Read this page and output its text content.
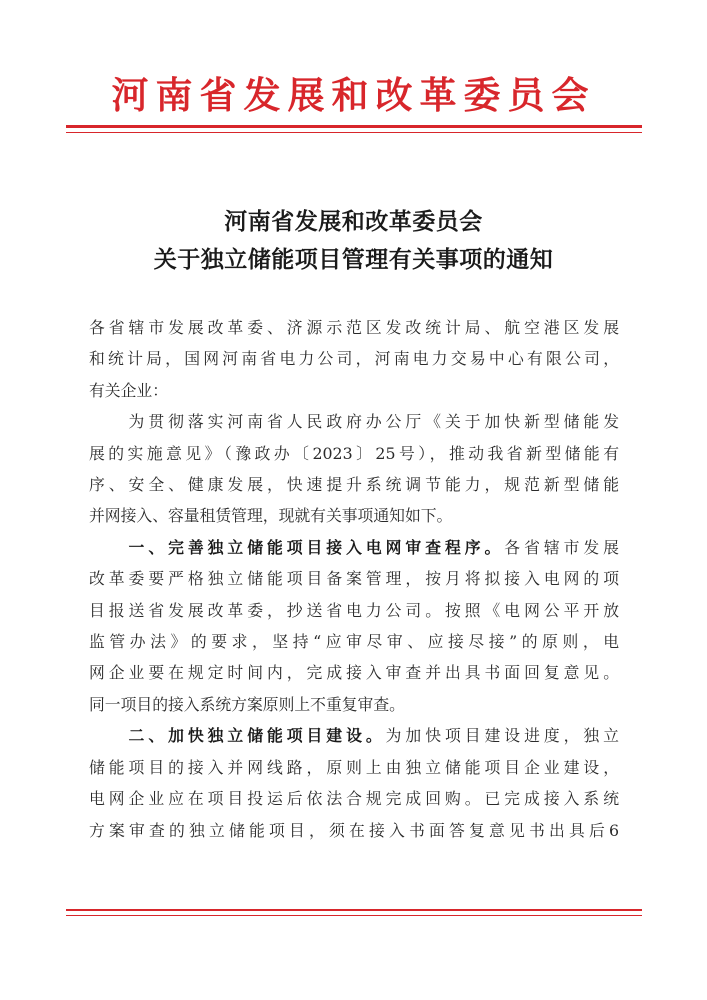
河南省发展和改革委员会
河南省发展和改革委员会
关于独立储能项目管理有关事项的通知

各省辖市发展改革委、济源示范区发改统计局、航空港区发展

和统计局，国网河南省电力公司，河南电力交易中心有限公司，

有关企业：

　　为贯彻落实河南省人民政府办公厅《关于加快新型储能发

展的实施意见》（豫政办〔2023〕25号），推动我省新型储能有

序、安全、健康发展，快速提升系统调节能力，规范新型储能

并网接入、容量租赁管理，现就有关事项通知如下。

　　一、完善独立储能项目接入电网审查程序。各省辖市发展

改革委要严格独立储能项目备案管理，按月将拟接入电网的项

目报送省发展改革委，抄送省电力公司。按照《电网公平开放

监管办法》的要求，坚持“应审尽审、应接尽接”的原则，电

网企业要在规定时间内，完成接入审查并出具书面回复意见。

同一项目的接入系统方案原则上不重复审查。

　　二、加快独立储能项目建设。为加快项目建设进度，独立

储能项目的接入并网线路，原则上由独立储能项目企业建设，

电网企业应在项目投运后依法合规完成回购。已完成接入系统

方案审查的独立储能项目，须在接入书面答复意见书出具后6
